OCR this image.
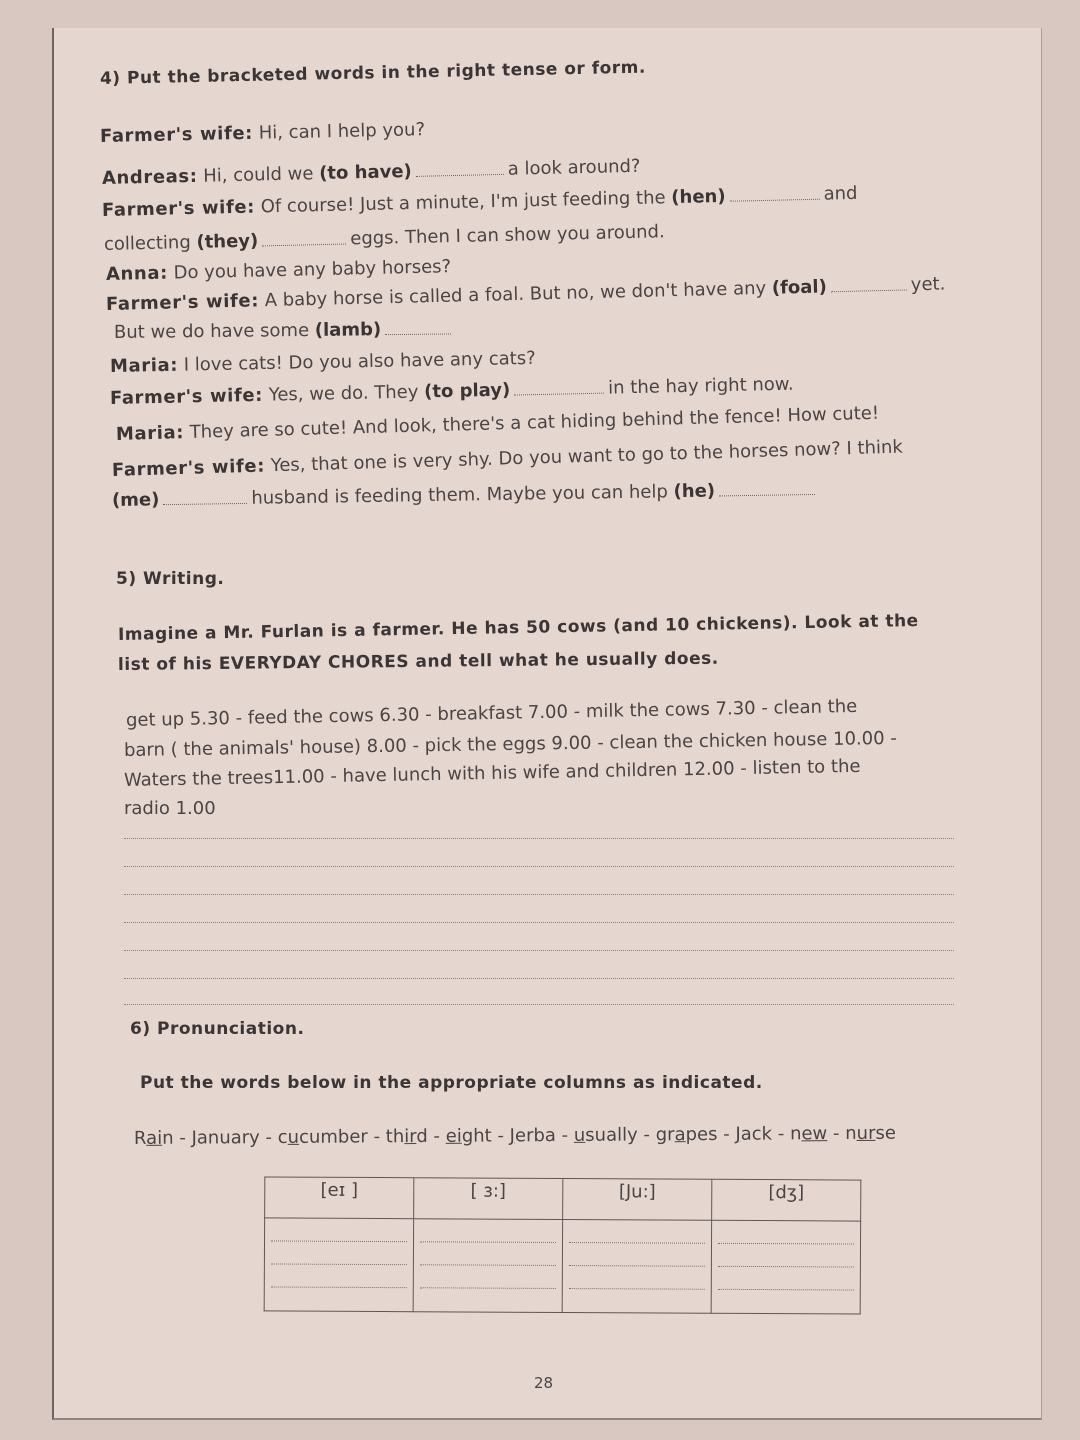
4) Put the bracketed words in the right tense or form.
Farmer's wife: Hi, can I help you?
Andreas: Hi, could we (to have)	a look around?
Farmer's wife: Of course! Just a minute, I'm just feeding the (hen)	and
collecting (they)	eggs. Then I can show you around.
Anna: Do you have any baby horses?
Farmer's wife: A baby horse is called a foal. But no, we don't have any (foal)	yet.
But we do have some (lamb)
Maria: I love cats! Do you also have any cats?
Farmer's wife: Yes, we do. They (to play)	in the hay right now.
Maria: They are so cute! And look, there's a cat hiding behind the fence! How cute!
Farmer's wife: Yes, that one is very shy. Do you want to go to the horses now? I think
(me)	husband is feeding them. Maybe you can help (he)
5) Writing.
Imagine a Mr. Furlan is a farmer. He has 50 cows (and 10 chickens). Look at the
list of his EVERYDAY CHORES and tell what he usually does.
get up 5.30 - feed the cows 6.30 - breakfast 7.00 - milk the cows 7.30 - clean the
barn ( the animals' house) 8.00 - pick the eggs 9.00 - clean the chicken house 10.00 -
Waters the trees11.00 - have lunch with his wife and children 12.00 - listen to the
radio 1.00
6) Pronunciation.
Put the words below in the appropriate columns as indicated.
Rain - January - cucumber - third - eight - Jerba - usually - grapes - Jack - new - nurse
[eɪ ]	[ ɜ:]	[Ju:]	[dʒ]

28
